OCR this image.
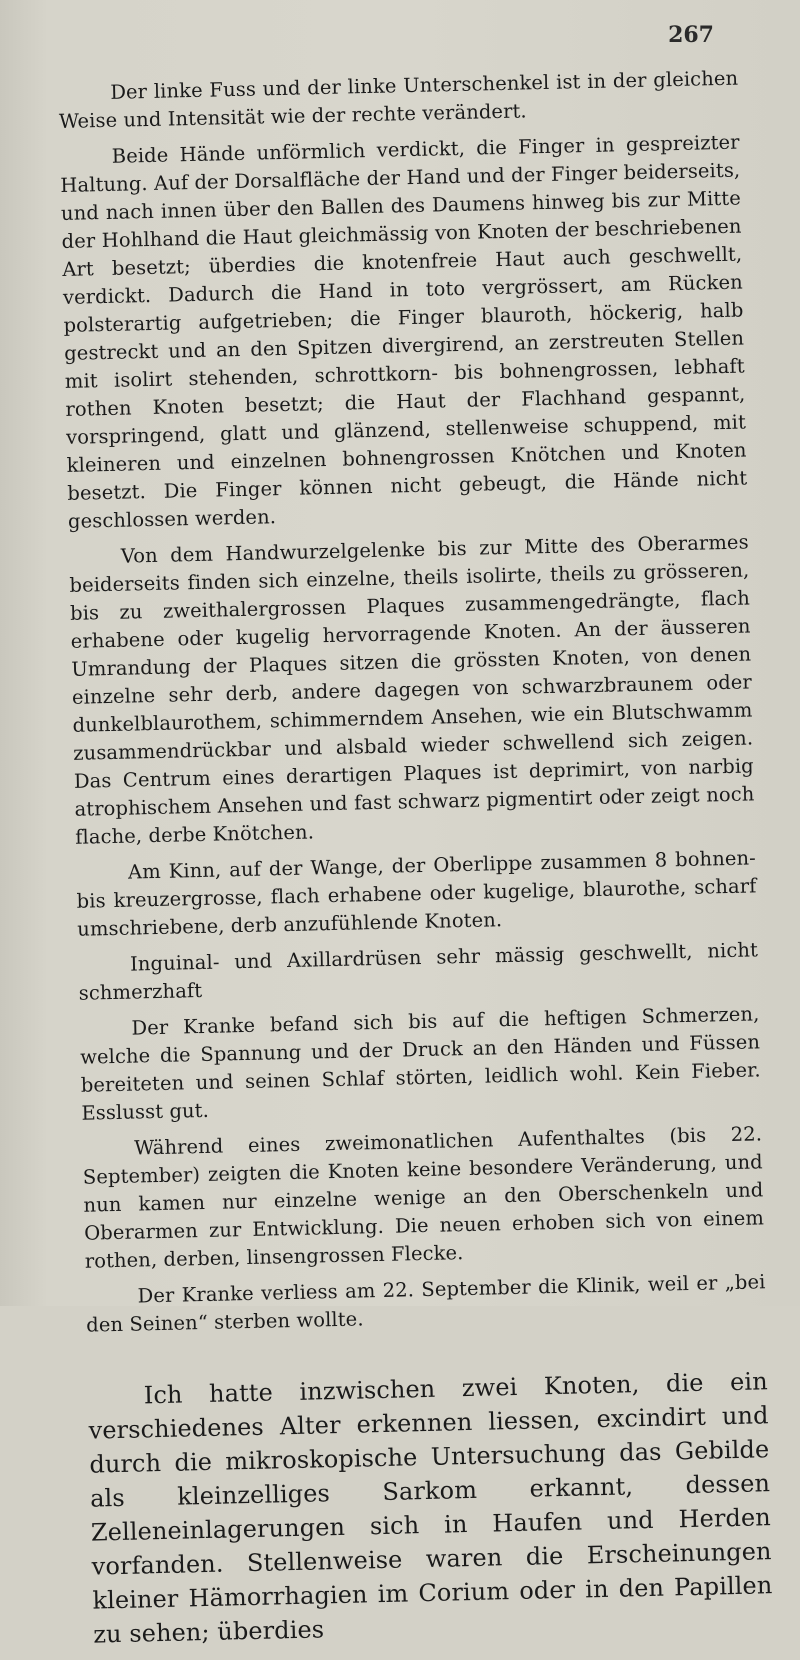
267

Der linke Fuss und der linke Unterschenkel ist in der gleichen Weise und Intensität wie der rechte verändert.

Beide Hände unförmlich verdickt, die Finger in gespreizter Haltung. Auf der Dorsalfläche der Hand und der Finger beiderseits, und nach innen über den Ballen des Daumens hinweg bis zur Mitte der Hohlhand die Haut gleichmässig von Knoten der beschriebenen Art besetzt; überdies die knotenfreie Haut auch geschwellt, verdickt. Dadurch die Hand in toto vergrössert, am Rücken polsterartig aufgetrieben; die Finger blauroth, höckerig, halb gestreckt und an den Spitzen divergirend, an zerstreuten Stellen mit isolirt stehenden, schrottkorn- bis bohnengrossen, lebhaft rothen Knoten besetzt; die Haut der Flachhand gespannt, vorspringend, glatt und glänzend, stellenweise schuppend, mit kleineren und einzelnen bohnengrossen Knötchen und Knoten besetzt. Die Finger können nicht gebeugt, die Hände nicht geschlossen werden.

Von dem Handwurzelgelenke bis zur Mitte des Oberarmes beiderseits finden sich einzelne, theils isolirte, theils zu grösseren, bis zu zweithalergrossen Plaques zusammengedrängte, flach erhabene oder kugelig hervorragende Knoten. An der äusseren Umrandung der Plaques sitzen die grössten Knoten, von denen einzelne sehr derb, andere dagegen von schwarzbraunem oder dunkelblaurothem, schimmerndem Ansehen, wie ein Blutschwamm zusammendrückbar und alsbald wieder schwellend sich zeigen. Das Centrum eines derartigen Plaques ist deprimirt, von narbig atrophischem Ansehen und fast schwarz pigmentirt oder zeigt noch flache, derbe Knötchen.

Am Kinn, auf der Wange, der Oberlippe zusammen 8 bohnen- bis kreuzergrosse, flach erhabene oder kugelige, blaurothe, scharf umschriebene, derb anzufühlende Knoten.

Inguinal- und Axillardrüsen sehr mässig geschwellt, nicht schmerzhaft

Der Kranke befand sich bis auf die heftigen Schmerzen, welche die Spannung und der Druck an den Händen und Füssen bereiteten und seinen Schlaf störten, leidlich wohl. Kein Fieber. Esslusst gut.

Während eines zweimonatlichen Aufenthaltes (bis 22. September) zeigten die Knoten keine besondere Veränderung, und nun kamen nur einzelne wenige an den Oberschenkeln und Oberarmen zur Entwicklung. Die neuen erhoben sich von einem rothen, derben, linsengrossen Flecke.

Der Kranke verliess am 22. September die Klinik, weil er „bei den Seinen“ sterben wollte.

Ich hatte inzwischen zwei Knoten, die ein verschiedenes Alter erkennen liessen, excindirt und durch die mikroskopische Untersuchung das Gebilde als kleinzelliges Sarkom erkannt, dessen Zelleneinlagerungen sich in Haufen und Herden vorfanden. Stellenweise waren die Erscheinungen kleiner Hämorrhagien im Corium oder in den Papillen zu sehen; überdies
